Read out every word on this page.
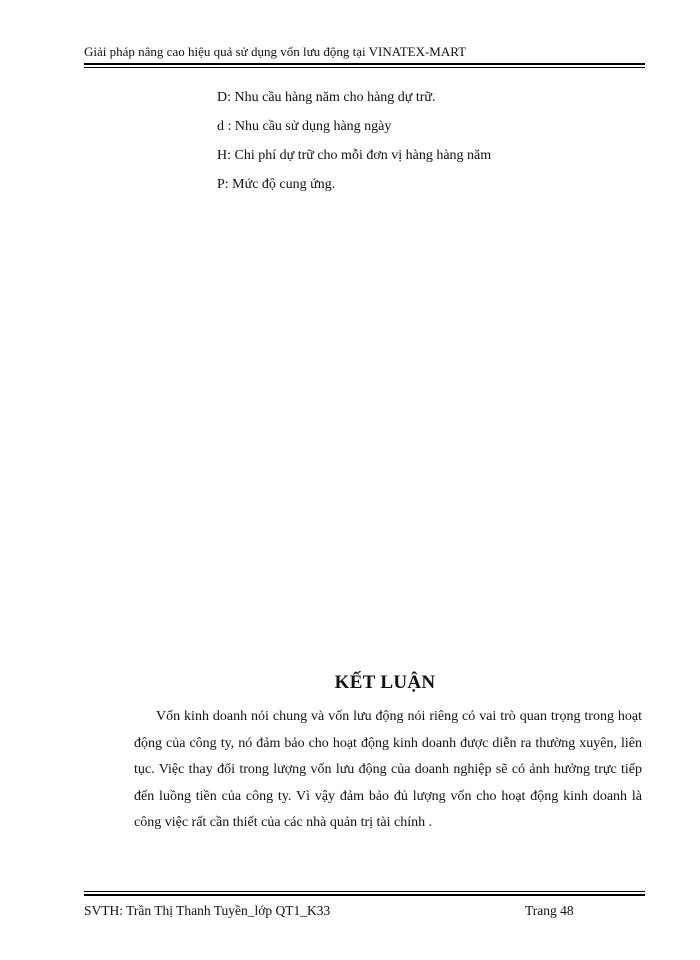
Giải pháp nâng cao hiệu quả sử dụng vốn lưu động tại VINATEX-MART
D: Nhu cầu hàng năm cho hàng dự trữ.
d : Nhu cầu sử dụng hàng ngày
H: Chi phí dự trữ cho mỗi đơn vị hàng hàng năm
P: Mức độ cung ứng.
KẾT LUẬN

Vốn kinh doanh nói chung và vốn lưu động nói riêng có vai trò quan trọng trong hoạt động của công ty, nó đảm bảo cho hoạt động kinh doanh được diễn ra thường xuyên, liên tục. Việc thay đổi trong lượng vốn lưu động của doanh nghiệp sẽ có ảnh hưởng trực tiếp đến luồng tiền của công ty. Vì vậy đảm bảo đủ lượng vốn cho hoạt động kinh doanh là công việc rất cần thiết của các nhà quản trị tài chính .

SVTH: Trần Thị Thanh Tuyền_lớp QT1_K33	Trang 48
